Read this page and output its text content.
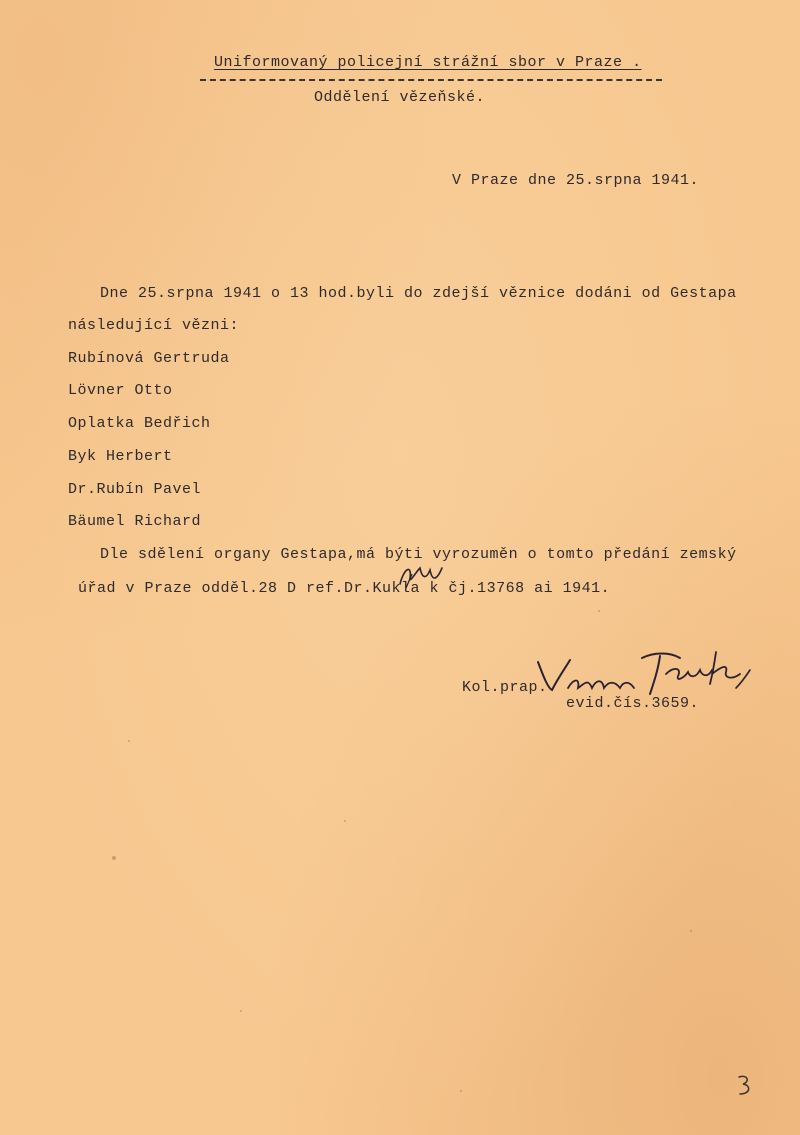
Uniformovaný policejní strážní sbor v Praze .
Oddělení vězeňské.
V Praze dne 25.srpna 1941.
Dne 25.srpna 1941 o 13 hod.byli do zdejší věznice dodáni od Gestapa
následující vězni:
Rubínová Gertruda
Lövner Otto
Oplatka Bedřich
Byk Herbert
Dr.Rubín Pavel
Bäumel Richard
Dle sdělení organy Gestapa,má býti vyrozuměn o tomto předání zemský
úřad v Praze odděl.28 D ref.Dr.Kukla k čj.13768 ai 1941.
Kol.prap.
evid.čís.3659.
